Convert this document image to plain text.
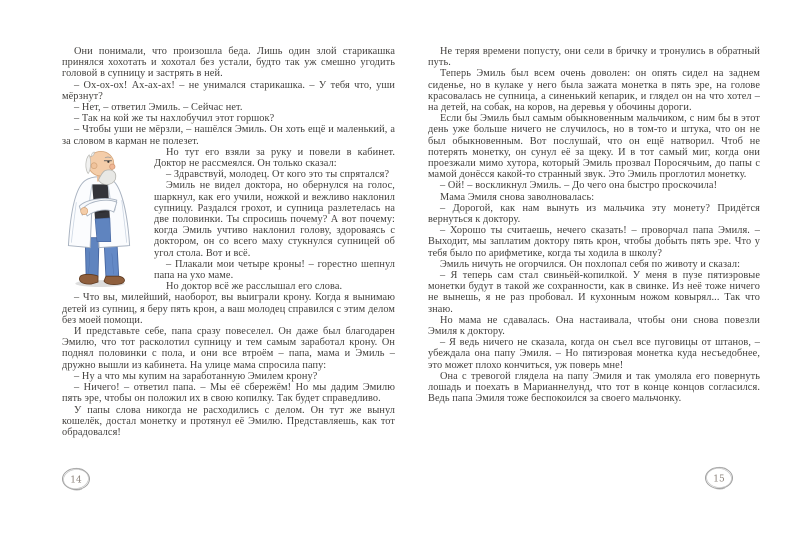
Они понимали, что произошла беда. Лишь один злой старикашка принялся хохотать и хохотал без устали, будто так уж смешно угодить головой в супницу и застрять в ней.

– Ох-ох-ох! Ах-ах-ах! – не унимался старикашка. – У тебя что, уши мёрзнут?

– Нет, – ответил Эмиль. – Сейчас нет.

– Так на кой же ты нахлобучил этот горшок?

– Чтобы уши не мёрзли, – нашёлся Эмиль. Он хоть ещё и маленький, а за словом в карман не полезет.

Но тут его взяли за руку и повели в кабинет. Доктор не рассмеялся. Он только сказал:

– Здравствуй, молодец. От кого это ты спрятался?

Эмиль не видел доктора, но обернулся на голос, шаркнул, как его учили, ножкой и вежливо наклонил супницу. Раздался грохот, и супница разлетелась на две половинки. Ты спросишь почему? А вот почему: когда Эмиль учтиво наклонил голову, здороваясь с доктором, он со всего маху стукнулся супницей об угол стола. Вот и всё.

– Плакали мои четыре кроны! – горестно шепнул папа на ухо маме.

Но доктор всё же расслышал его слова.

– Что вы, милейший, наоборот, вы выиграли крону. Когда я вынимаю детей из супниц, я беру пять крон, а ваш молодец справился с этим делом без моей помощи.

И представьте себе, папа сразу повеселел. Он даже был благодарен Эмилю, что тот расколотил супницу и тем самым заработал крону. Он поднял половинки с пола, и они все втроём – папа, мама и Эмиль – дружно вышли из кабинета. На улице мама спросила папу:

– Ну а что мы купим на заработанную Эмилем крону?

– Ничего! – ответил папа. – Мы её сбережём! Но мы дадим Эмилю пять эре, чтобы он положил их в свою копилку. Так будет справедливо.

У папы слова никогда не расходились с делом. Он тут же вынул кошелёк, достал монетку и протянул её Эмилю. Представляешь, как тот обрадовался!

Не теряя времени попусту, они сели в бричку и тронулись в обратный путь.

Теперь Эмиль был всем очень доволен: он опять сидел на заднем сиденье, но в кулаке у него была зажата монетка в пять эре, на голове красовалась не супница, а синенький кепарик, и глядел он на что хотел – на детей, на собак, на коров, на деревья у обочины дороги.

Если бы Эмиль был самым обыкновенным мальчиком, с ним бы в этот день уже больше ничего не случилось, но в том-то и штука, что он не был обыкновенным. Вот послушай, что он ещё натворил. Чтоб не потерять монетку, он сунул её за щеку. И в тот самый миг, когда они проезжали мимо хутора, который Эмиль прозвал Поросячьим, до папы с мамой донёсся какой-то странный звук. Это Эмиль проглотил монетку.

– Ой! – воскликнул Эмиль. – До чего она быстро проскочила!

Мама Эмиля снова заволновалась:

– Дорогой, как нам вынуть из мальчика эту монету? Придётся вернуться к доктору.

– Хорошо ты считаешь, нечего сказать! – проворчал папа Эмиля. – Выходит, мы заплатим доктору пять крон, чтобы добыть пять эре. Что у тебя было по арифметике, когда ты ходила в школу?

Эмиль ничуть не огорчился. Он похлопал себя по животу и сказал:

– Я теперь сам стал свиньёй-копилкой. У меня в пузе пятиэровые монетки будут в такой же сохранности, как в свинке. Из неё тоже ничего не вынешь, я не раз пробовал. И кухонным ножом ковырял... Так что знаю.

Но мама не сдавалась. Она настаивала, чтобы они снова повезли Эмиля к доктору.

– Я ведь ничего не сказала, когда он съел все пуговицы от штанов, – убеждала она папу Эмиля. – Но пятиэровая монетка куда несъедобнее, это может плохо кончиться, уж поверь мне!

Она с тревогой глядела на папу Эмиля и так умоляла его повернуть лошадь и поехать в Марианнелунд, что тот в конце концов согласился. Ведь папа Эмиля тоже беспокоился за своего мальчонку.

14	15
